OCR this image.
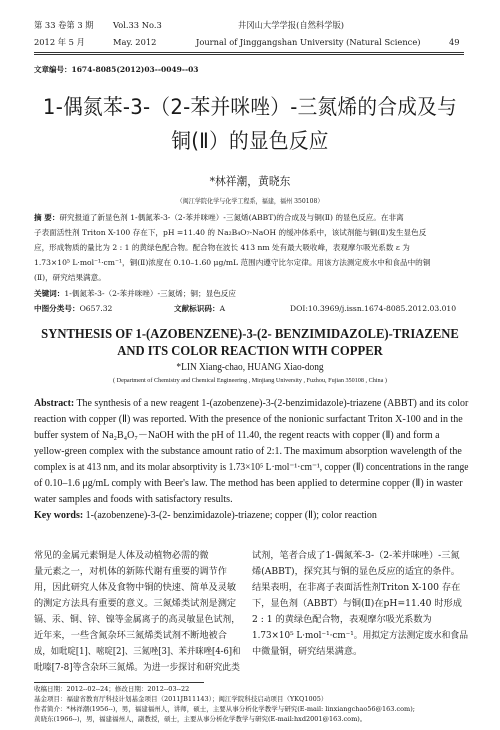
第 33 卷第 3 期 Vol.33 No.3	井冈山大学学报(自然科学版)
49
2012 年 5 月	May. 2012	Journal of Jinggangshan University (Natural Science)
文章编号：1674-8085(2012)03--0049--03
1-偶氮苯-3-（2-苯并咪唑）-三氮烯的合成及与
铜(Ⅱ）的显色反应
*林祥潮，黄晓东
（闽江学院化学与化学工程系，福建，福州 350108）
摘 要：研究报道了新显色剂 1-偶氮苯-3-（2-苯并咪唑）-三氮烯(ABBT)的合成及与铜(Ⅱ) 的显色反应。在非离
子表面活性剂 Triton X-100 存在下，pH =11.40 的 Na₂B₄O₇-NaOH 的缓冲体系中，该试剂能与铜(Ⅱ)发生显色反
应，形成物质的量比为 2 : 1 的黄绿色配合物。配合物在波长 413 nm 处有最大吸收峰，表观摩尔吸光系数 ε 为
1.73×10⁵ L·mol⁻¹·cm⁻¹，铜(Ⅱ)浓度在 0.10–1.60 μg/mL 范围内遵守比尔定律。用该方法测定废水中和食品中的铜
(Ⅱ)，研究结果满意。
关键词：1-偶氮苯-3-（2-苯并咪唑）-三氮烯；铜；显色反应
中图分类号：O657.32	文献标识码：A	DOI:10.3969/j.issn.1674-8085.2012.03.010
SYNTHESIS OF 1-(AZOBENZENE)-3-(2- BENZIMIDAZOLE)-TRIAZENE
AND ITS COLOR REACTION WITH COPPER
*LIN Xiang-chao, HUANG Xiao-dong
( Department of Chemistry and Chemical Engineering , Minjiang University , Fuzhou, Fujian 350108 , China )
Abstract: The synthesis of a new reagent 1-(azobenzene)-3-(2-benzimidazole)-triazene (ABBT) and its color
reaction with copper (Ⅱ) was reported. With the presence of the nonionic surfactant Triton X-100 and in the
buffer system of Na₂B₄O₇－NaOH with the pH of 11.40, the regent reacts with copper (Ⅱ) and form a
yellow-green complex with the substance amount ratio of 2:1. The maximum absorption wavelength of the
complex is at 413 nm, and its molar absorptivity is 1.73×10⁵ L·mol⁻¹·cm⁻¹, copper (Ⅱ) concentrations in the range
of 0.10–1.6 μg/mL comply with Beer's law. The method has been applied to determine copper (Ⅱ) in waster
water samples and foods with satisfactory results.
Key words: 1-(azobenzene)-3-(2- benzimidazole)-triazene; copper (Ⅱ); color reaction
常见的金属元素铜是人体及动植物必需的微
量元素之一，对机体的新陈代谢有重要的调节作
用，因此研究人体及食物中铜的快速、简单及灵敏
的测定方法具有重要的意义。三氮烯类试剂是测定
镉、汞、铜、锌、镍等金属离子的高灵敏显色试剂，
近年来，一些含氮杂环三氮烯类试剂不断地被合
成，如吡啶[1]、嘧啶[2]、三氮唑[3]、苯并咪唑[4-6]和
吡嗪[7-8]等含杂环三氮烯。为进一步探讨和研究此类
试剂，笔者合成了1-偶氮苯-3-（2-苯并咪唑）-三氮
烯(ABBT)，探究其与铜的显色反应的适宜的条件。
结果表明，在非离子表面活性剂Triton X-100 存在
下，显色剂（ABBT）与铜(Ⅱ)在pH=11.40 时形成
2 : 1 的黄绿色配合物，表观摩尔吸光系数为
1.73×10⁵ L·mol⁻¹·cm⁻¹。用拟定方法测定废水和食品
中微量铜，研究结果满意。
收稿日期：2012--02--24；修改日期：2012--03--22
基金项目：福建省教育厅科技计划基金项目（2011JB11143）；闽江学院科技启动项目（YKQ1005）
作者简介：*林祥潮(1956--)，男，福建福州人，讲师，硕士，主要从事分析化学教学与研究(E-mail: linxiangchao56@163.com);
黄晓东(1966--)，男，福建福州人，副教授，硕士，主要从事分析化学教学与研究(E-mail:hxd2001@163.com)。
